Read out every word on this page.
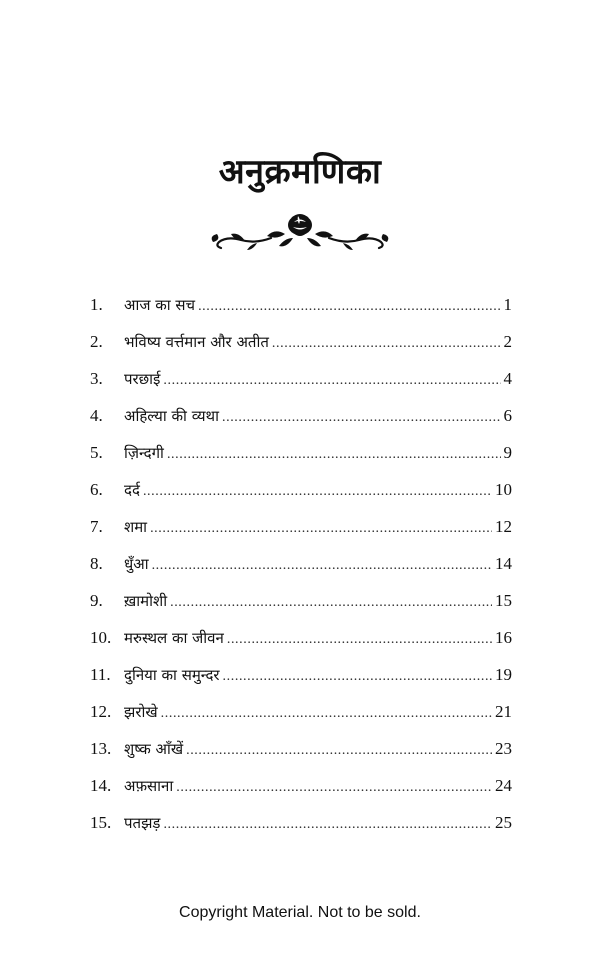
अनुक्रमणिका
1.	आज का सच .....	1
2.	भविष्य वर्त्तमान और अतीत .....	2
3.	परछाई .....	4
4.	अहिल्या की व्यथा .....	6
5.	ज़िन्दगी .....	9
6.	दर्द .....	10
7.	शमा .....	12
8.	धुँआ .....	14
9.	ख़ामोशी .....	15
10. मरुस्थल का जीवन .....	16
11. दुनिया का समुन्दर .....	19
12. झरोखे .....	21
13. शुष्क आँखें .....	23
14. अफ़साना .....	24
15. पतझड़ .....	25
Copyright Material. Not to be sold.
